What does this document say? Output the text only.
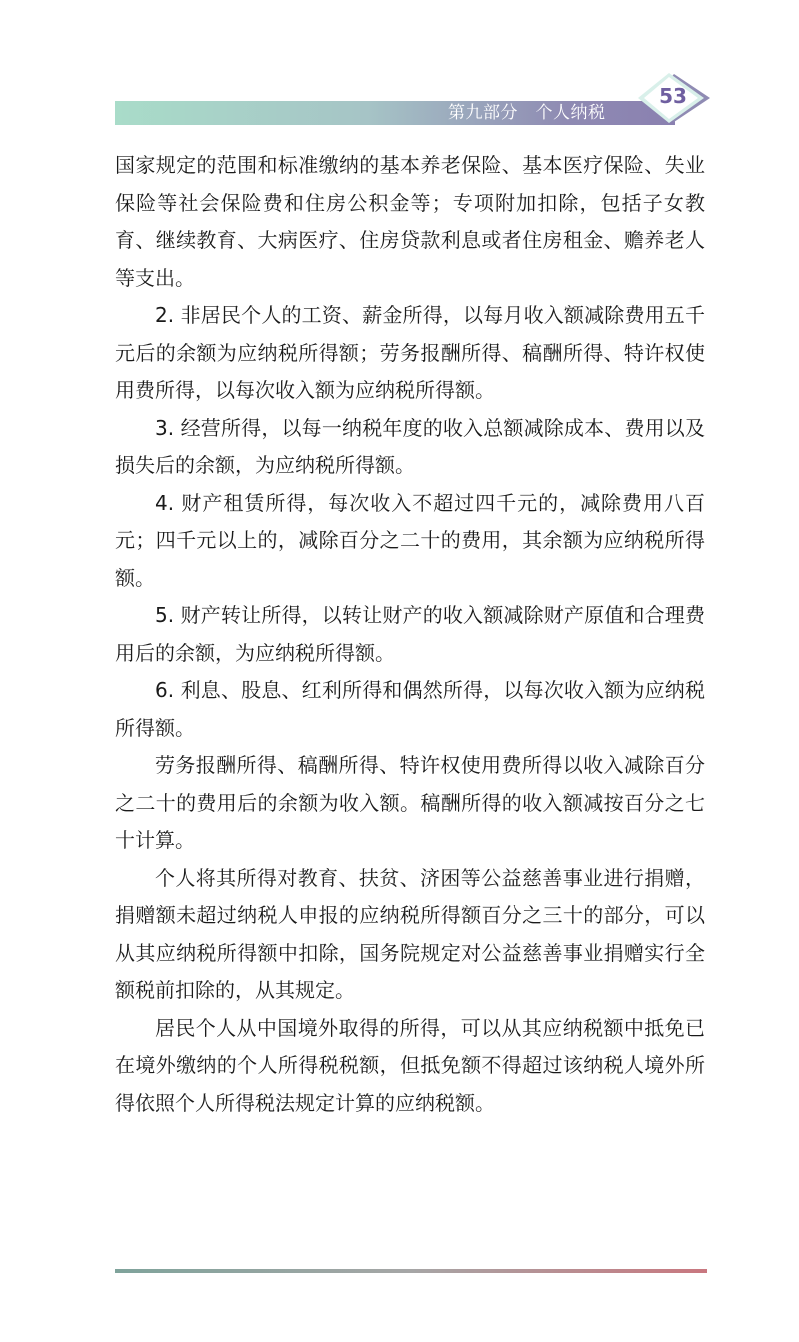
第九部分　个人纳税
53

国家规定的范围和标准缴纳的基本养老保险、基本医疗保险、失业保险等社会保险费和住房公积金等；专项附加扣除，包括子女教育、继续教育、大病医疗、住房贷款利息或者住房租金、赡养老人等支出。

2. 非居民个人的工资、薪金所得，以每月收入额减除费用五千元后的余额为应纳税所得额；劳务报酬所得、稿酬所得、特许权使用费所得，以每次收入额为应纳税所得额。

3. 经营所得，以每一纳税年度的收入总额减除成本、费用以及损失后的余额，为应纳税所得额。

4. 财产租赁所得，每次收入不超过四千元的，减除费用八百元；四千元以上的，减除百分之二十的费用，其余额为应纳税所得额。

5. 财产转让所得，以转让财产的收入额减除财产原值和合理费用后的余额，为应纳税所得额。

6. 利息、股息、红利所得和偶然所得，以每次收入额为应纳税所得额。

劳务报酬所得、稿酬所得、特许权使用费所得以收入减除百分之二十的费用后的余额为收入额。稿酬所得的收入额减按百分之七十计算。

个人将其所得对教育、扶贫、济困等公益慈善事业进行捐赠，捐赠额未超过纳税人申报的应纳税所得额百分之三十的部分，可以从其应纳税所得额中扣除，国务院规定对公益慈善事业捐赠实行全额税前扣除的，从其规定。

居民个人从中国境外取得的所得，可以从其应纳税额中抵免已在境外缴纳的个人所得税税额，但抵免额不得超过该纳税人境外所得依照个人所得税法规定计算的应纳税额。
